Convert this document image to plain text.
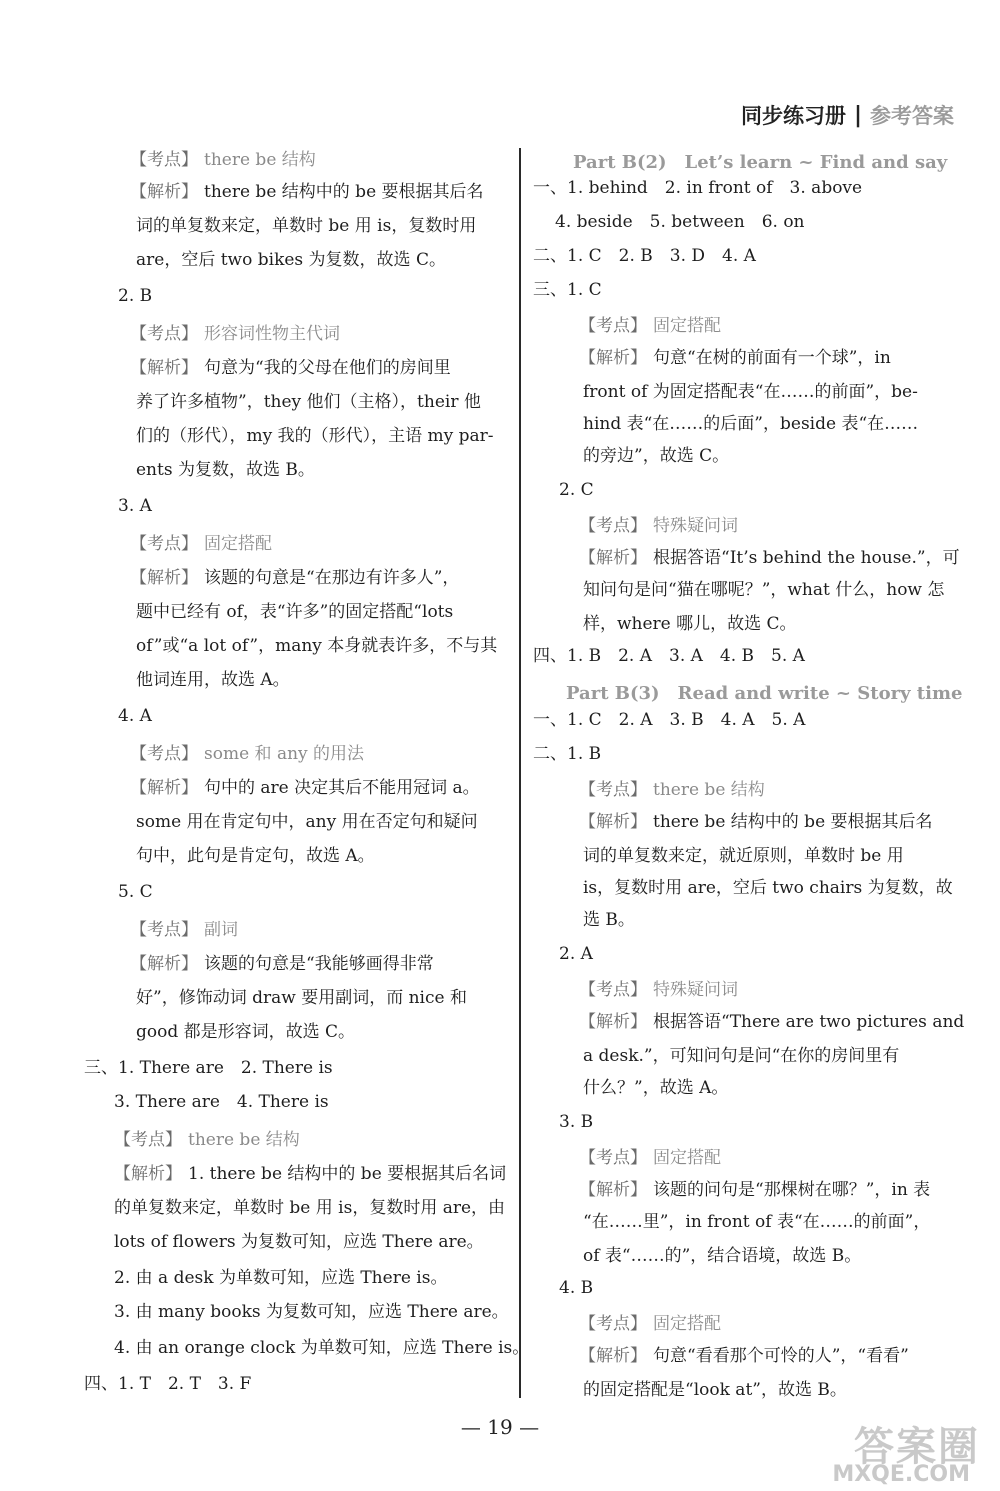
同步练习册 | 参考答案
【考点】 there be 结构
【解析】 there be 结构中的 be 要根据其后名
词的单复数来定，单数时 be 用 is，复数时用
are，空后 two bikes 为复数，故选 C。
2. B
【考点】 形容词性物主代词
【解析】 句意为“我的父母在他们的房间里
养了许多植物”，they 他们（主格），their 他
们的（形代），my 我的（形代），主语 my par-
ents 为复数，故选 B。
3. A
【考点】 固定搭配
【解析】 该题的句意是“在那边有许多人”，
题中已经有 of，表“许多”的固定搭配“lots
of”或“a lot of”，many 本身就表许多，不与其
他词连用，故选 A。
4. A
【考点】 some 和 any 的用法
【解析】 句中的 are 决定其后不能用冠词 a。
some 用在肯定句中，any 用在否定句和疑问
句中，此句是肯定句，故选 A。
5. C
【考点】 副词
【解析】 该题的句意是“我能够画得非常
好”，修饰动词 draw 要用副词，而 nice 和
good 都是形容词，故选 C。
三、1. There are　2. There is
3. There are　4. There is
【考点】 there be 结构
【解析】 1. there be 结构中的 be 要根据其后名词
的单复数来定，单数时 be 用 is，复数时用 are，由
lots of flowers 为复数可知，应选 There are。
2. 由 a desk 为单数可知，应选 There is。
3. 由 many books 为复数可知，应选 There are。
4. 由 an orange clock 为单数可知，应选 There is。
四、1. T　2. T　3. F
Part B(2)　Let’s learn ~ Find and say
Part B(3)　Read and write ~ Story time
一、1. behind　2. in front of　3. above
4. beside　5. between　6. on
二、1. C　2. B　3. D　4. A
三、1. C
【考点】 固定搭配
【解析】 句意“在树的前面有一个球”，in
front of 为固定搭配表“在……的前面”，be-
hind 表“在……的后面”，beside 表“在……
的旁边”，故选 C。
2. C
【考点】 特殊疑问词
【解析】 根据答语“It’s behind the house.”，可
知问句是问“猫在哪呢？”，what 什么，how 怎
样，where 哪儿，故选 C。
四、1. B　2. A　3. A　4. B　5. A
一、1. C　2. A　3. B　4. A　5. A
二、1. B
【考点】 there be 结构
【解析】 there be 结构中的 be 要根据其后名
词的单复数来定，就近原则，单数时 be 用
is，复数时用 are，空后 two chairs 为复数，故
选 B。
2. A
【考点】 特殊疑问词
【解析】 根据答语“There are two pictures and
a desk.”，可知问句是问“在你的房间里有
什么？”，故选 A。
3. B
【考点】 固定搭配
【解析】 该题的问句是“那棵树在哪？”，in 表
“在……里”，in front of 表“在……的前面”，
of 表“……的”，结合语境，故选 B。
4. B
【考点】 固定搭配
【解析】 句意“看看那个可怜的人”，“看看”
的固定搭配是“look at”，故选 B。
— 19 —	答案圈
MXQE.COM
